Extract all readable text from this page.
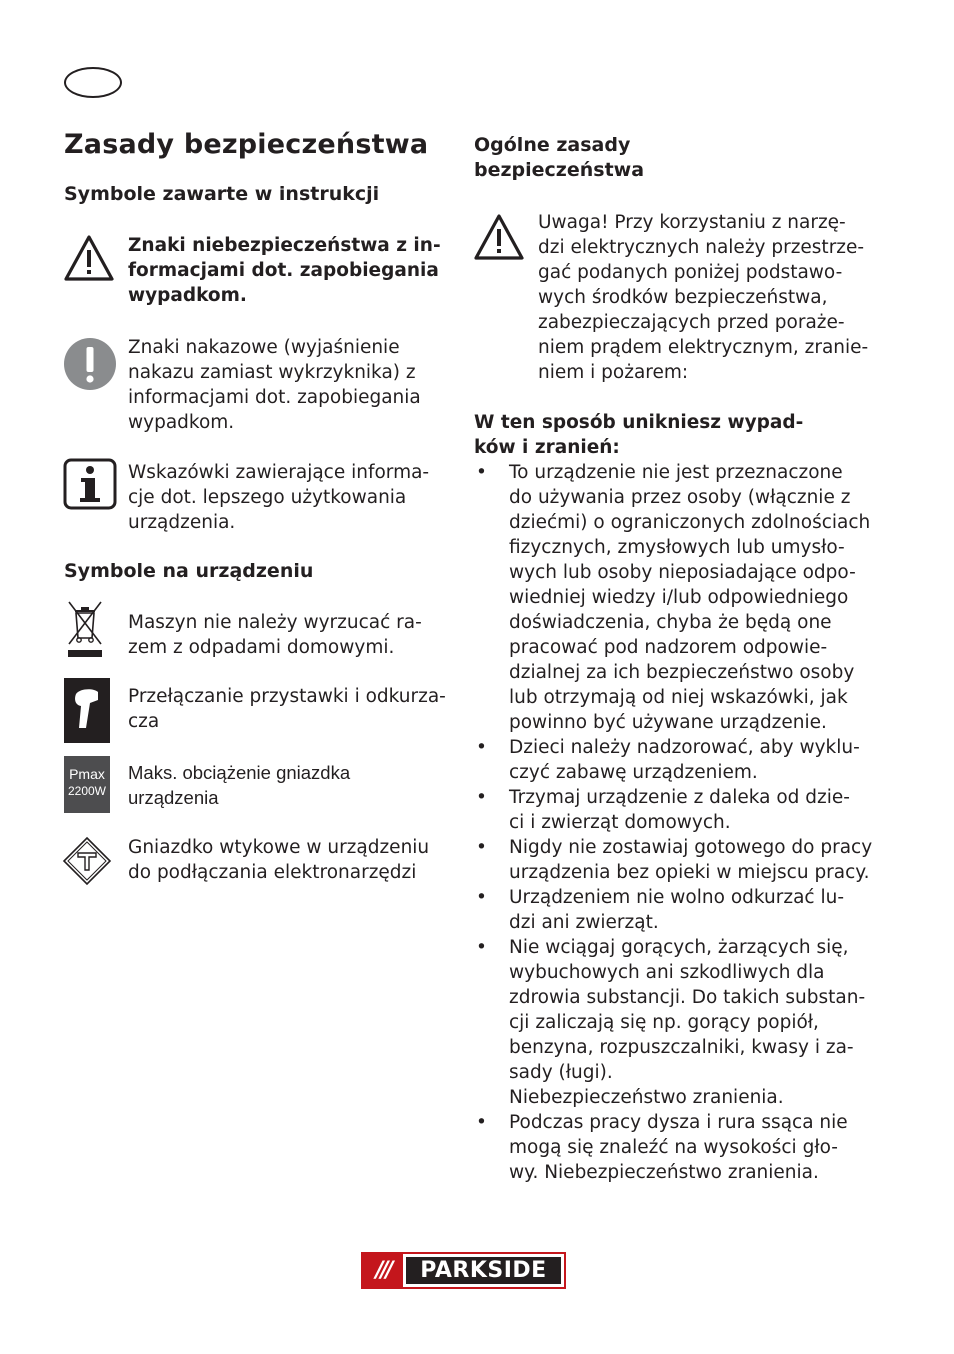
Zasady bezpieczeństwa
Symbole zawarte w instrukcji
Znaki niebezpieczeństwa z in-
formacjami dot. zapobiegania
wypadkom.
Znaki nakazowe (wyjaśnienie
nakazu zamiast wykrzyknika) z
informacjami dot. zapobiegania
wypadkom.
Wskazówki zawierające informa-
cje dot. lepszego użytkowania
urządzenia.
Symbole na urządzeniu
Maszyn nie należy wyrzucać ra-
zem z odpadami domowymi.
Przełączanie przystawki i odkurza-
cza
Pmax
2200W
Maks. obciążenie gniazdka
urządzenia
Gniazdko wtykowe w urządzeniu
do podłączania elektronarzędzi
Ogólne zasady
bezpieczeństwa
Uwaga! Przy korzystaniu z narzę-
dzi elektrycznych należy przestrze-
gać podanych poniżej podstawo-
wych środków bezpieczeństwa,
zabezpieczających przed poraże-
niem prądem elektrycznym, zranie-
niem i pożarem:
W ten sposób unikniesz wypad-
ków i zranień:
• To urządzenie nie jest przeznaczone
do używania przez osoby (włącznie z
dziećmi) o ograniczonych zdolnościach
fizycznych, zmysłowych lub umysło-
wych lub osoby nieposiadające odpo-
wiedniej wiedzy i/lub odpowiedniego
doświadczenia, chyba że będą one
pracować pod nadzorem odpowie-
dzialnej za ich bezpieczeństwo osoby
lub otrzymają od niej wskazówki, jak
powinno być używane urządzenie.
• Dzieci należy nadzorować, aby wyklu-
czyć zabawę urządzeniem.
• Trzymaj urządzenie z daleka od dzie-
ci i zwierząt domowych.
• Nigdy nie zostawiaj gotowego do pracy
urządzenia bez opieki w miejscu pracy.
• Urządzeniem nie wolno odkurzać lu-
dzi ani zwierząt.
• Nie wciągaj gorących, żarzących się,
wybuchowych ani szkodliwych dla
zdrowia substancji. Do takich substan-
cji zaliczają się np. gorący popiół,
benzyna, rozpuszczalniki, kwasy i za-
sady (ługi).
Niebezpieczeństwo zranienia.
• Podczas pracy dysza i rura ssąca nie
mogą się znaleźć na wysokości gło-
wy. Niebezpieczeństwo zranienia.
///	PARKSIDE
